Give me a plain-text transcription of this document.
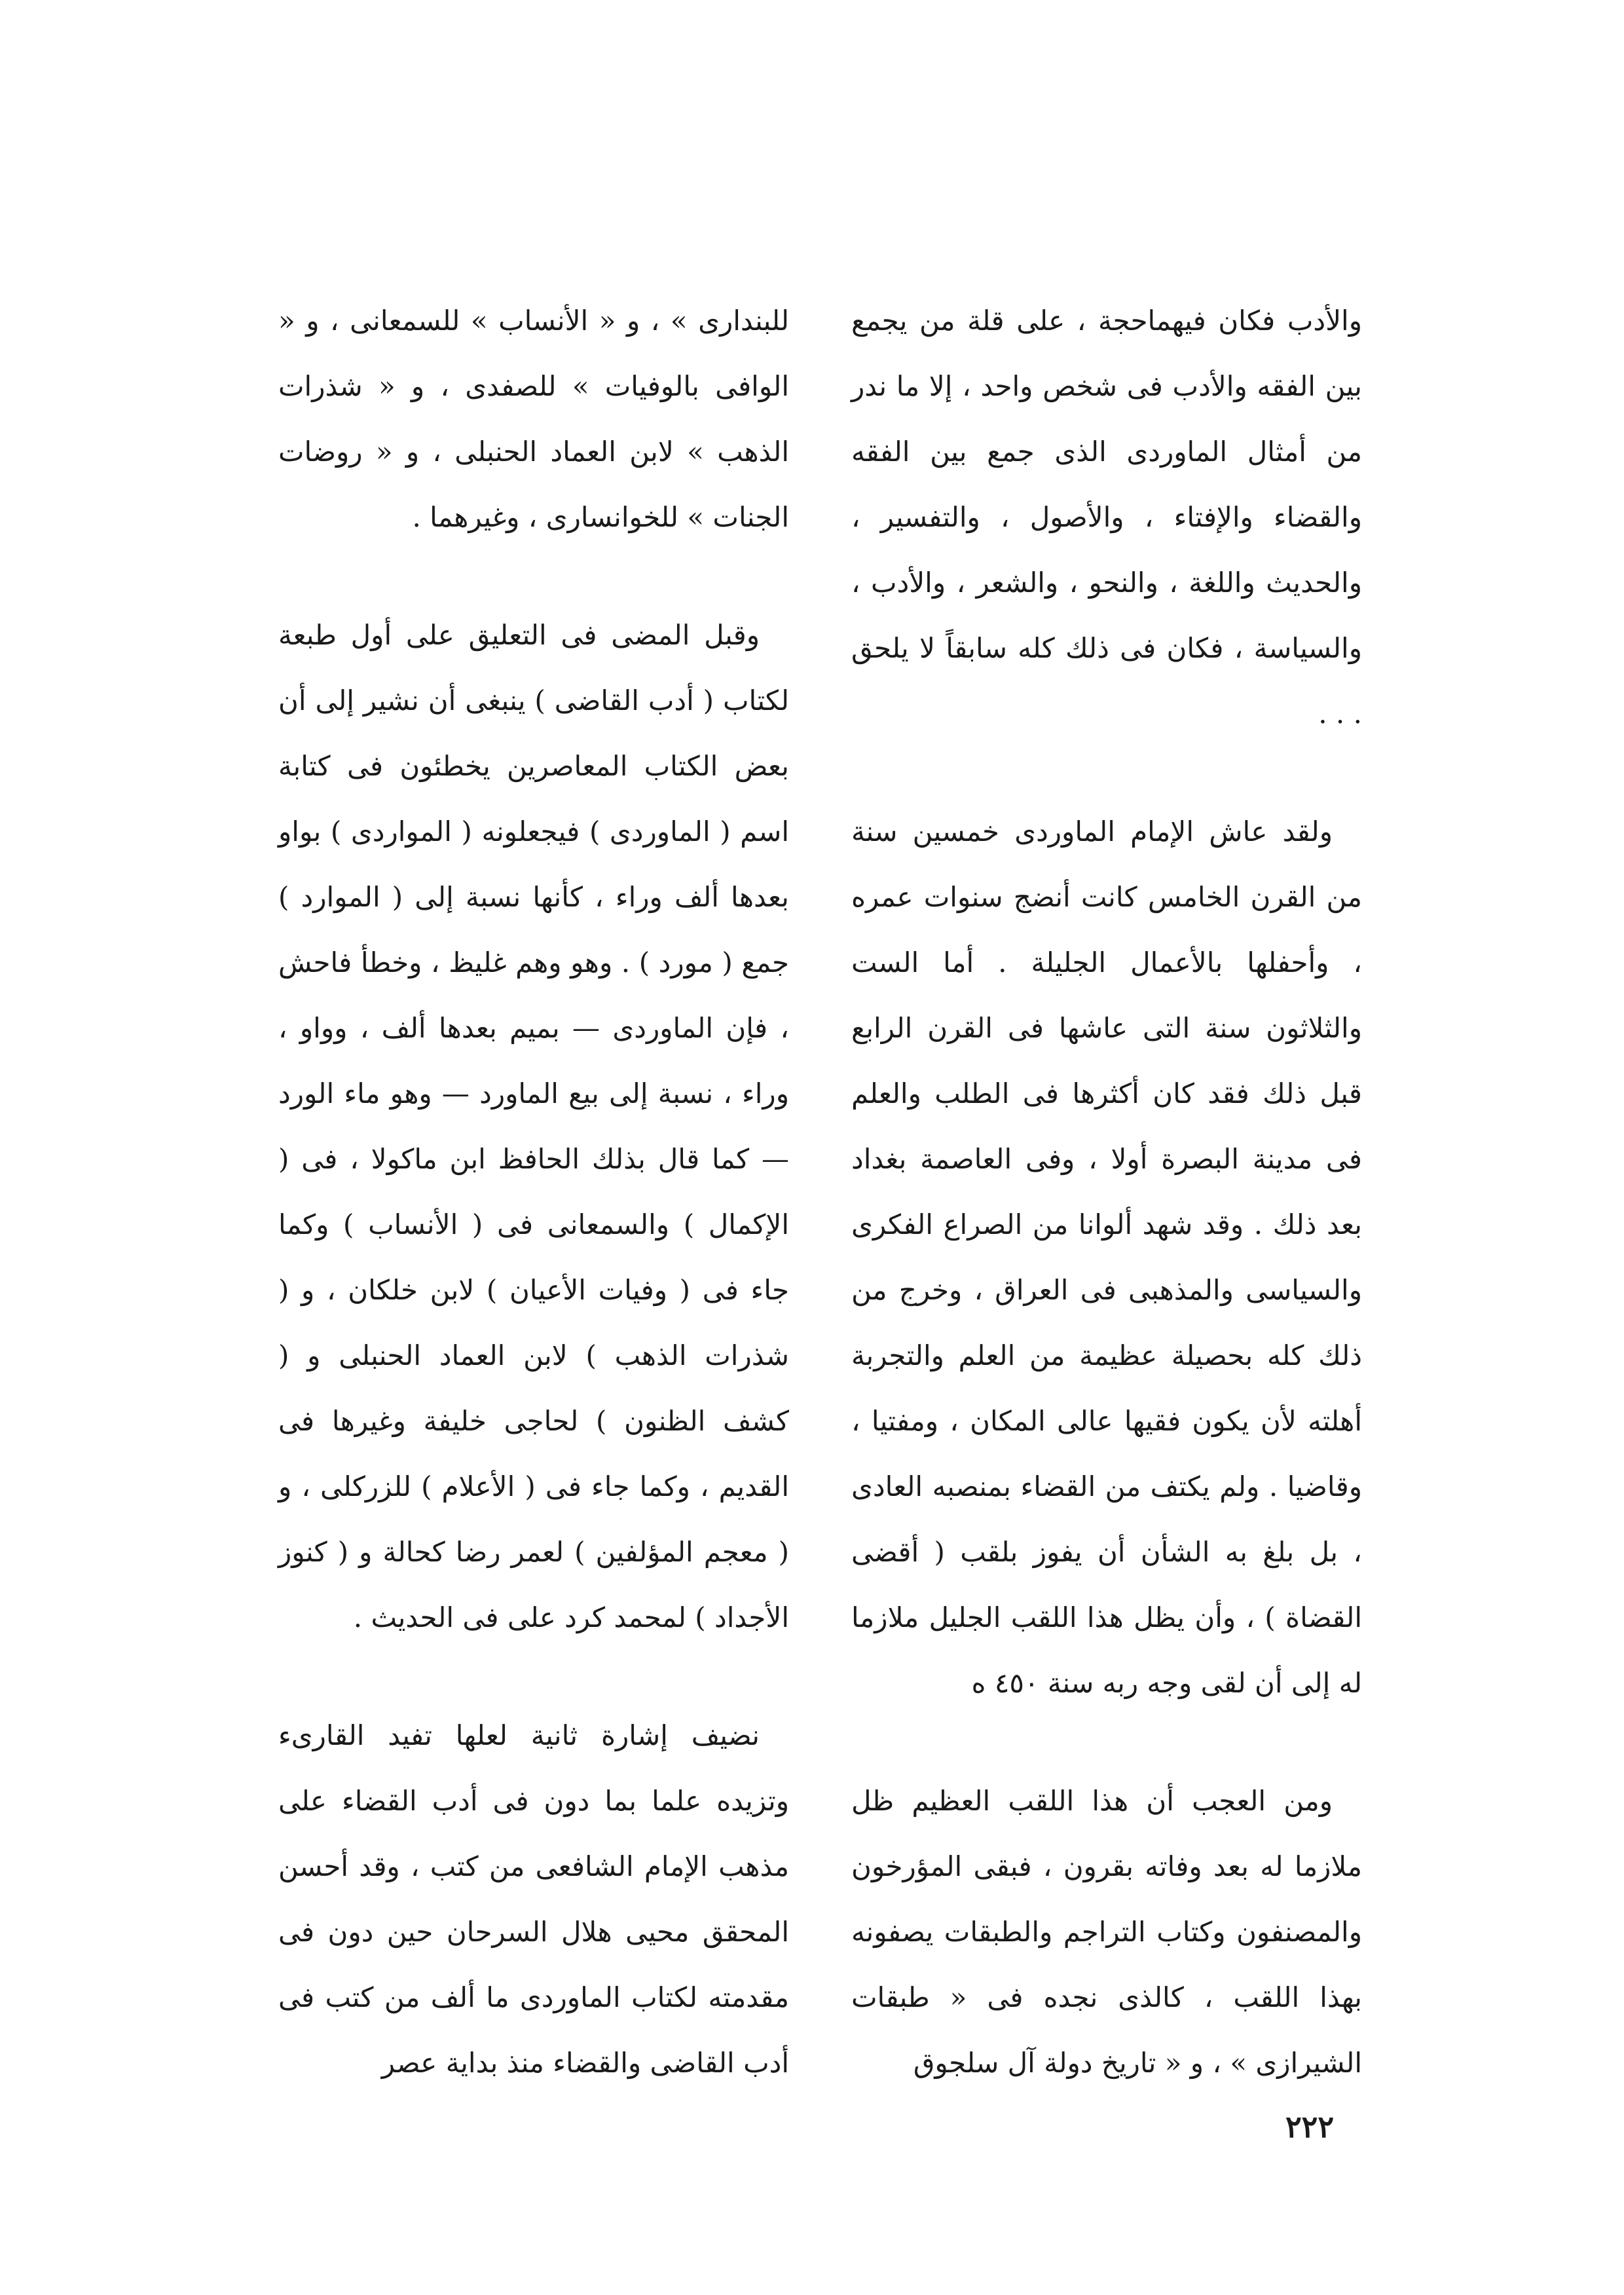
والأدب فكان فيهماحجة ، على قلة من يجمع بين الفقه والأدب فى شخص واحد ، إلا ما ندر من أمثال الماوردى الذى جمع بين الفقه والقضاء والإفتاء ، والأصول ، والتفسير ، والحديث واللغة ، والنحو ، والشعر ، والأدب ، والسياسة ، فكان فى ذلك كله سابقاً لا يلحق . . .

ولقد عاش الإمام الماوردى خمسين سنة من القرن الخامس كانت أنضج سنوات عمره ، وأحفلها بالأعمال الجليلة . أما الست والثلاثون سنة التى عاشها فى القرن الرابع قبل ذلك فقد كان أكثرها فى الطلب والعلم فى مدينة البصرة أولا ، وفى العاصمة بغداد بعد ذلك . وقد شهد ألوانا من الصراع الفكرى والسياسى والمذهبى فى العراق ، وخرج من ذلك كله بحصيلة عظيمة من العلم والتجربة أهلته لأن يكون فقيها عالى المكان ، ومفتيا ، وقاضيا . ولم يكتف من القضاء بمنصبه العادى ، بل بلغ به الشأن أن يفوز بلقب ( أقضى القضاة ) ، وأن يظل هذا اللقب الجليل ملازما له إلى أن لقى وجه ربه سنة ٤٥٠ ه

ومن العجب أن هذا اللقب العظيم ظل ملازما له بعد وفاته بقرون ، فبقى المؤرخون والمصنفون وكتاب التراجم والطبقات يصفونه بهذا اللقب ، كالذى نجده فى « طبقات الشيرازى » ، و « تاريخ دولة آل سلجوق

للبندارى » ، و « الأنساب » للسمعانى ، و « الوافى بالوفيات » للصفدى ، و « شذرات الذهب » لابن العماد الحنبلى ، و « روضات الجنات » للخوانسارى ، وغيرهما .

وقبل المضى فى التعليق على أول طبعة لكتاب ( أدب القاضى ) ينبغى أن نشير إلى أن بعض الكتاب المعاصرين يخطئون فى كتابة اسم ( الماوردى ) فيجعلونه ( المواردى ) بواو بعدها ألف وراء ، كأنها نسبة إلى ( الموارد ) جمع ( مورد ) . وهو وهم غليظ ، وخطأ فاحش ، فإن الماوردى — بميم بعدها ألف ، وواو ، وراء ، نسبة إلى بيع الماورد — وهو ماء الورد — كما قال بذلك الحافظ ابن ماكولا ، فى ( الإكمال ) والسمعانى فى ( الأنساب ) وكما جاء فى ( وفيات الأعيان ) لابن خلكان ، و ( شذرات الذهب ) لابن العماد الحنبلى و ( كشف الظنون ) لحاجى خليفة وغيرها فى القديم ، وكما جاء فى ( الأعلام ) للزركلى ، و ( معجم المؤلفين ) لعمر رضا كحالة و ( كنوز الأجداد ) لمحمد كرد على فى الحديث .

نضيف إشارة ثانية لعلها تفيد القارىء وتزيده علما بما دون فى أدب القضاء على مذهب الإمام الشافعى من كتب ، وقد أحسن المحقق محيى هلال السرحان حين دون فى مقدمته لكتاب الماوردى ما ألف من كتب فى أدب القاضى والقضاء منذ بداية عصر

٢٢٢
